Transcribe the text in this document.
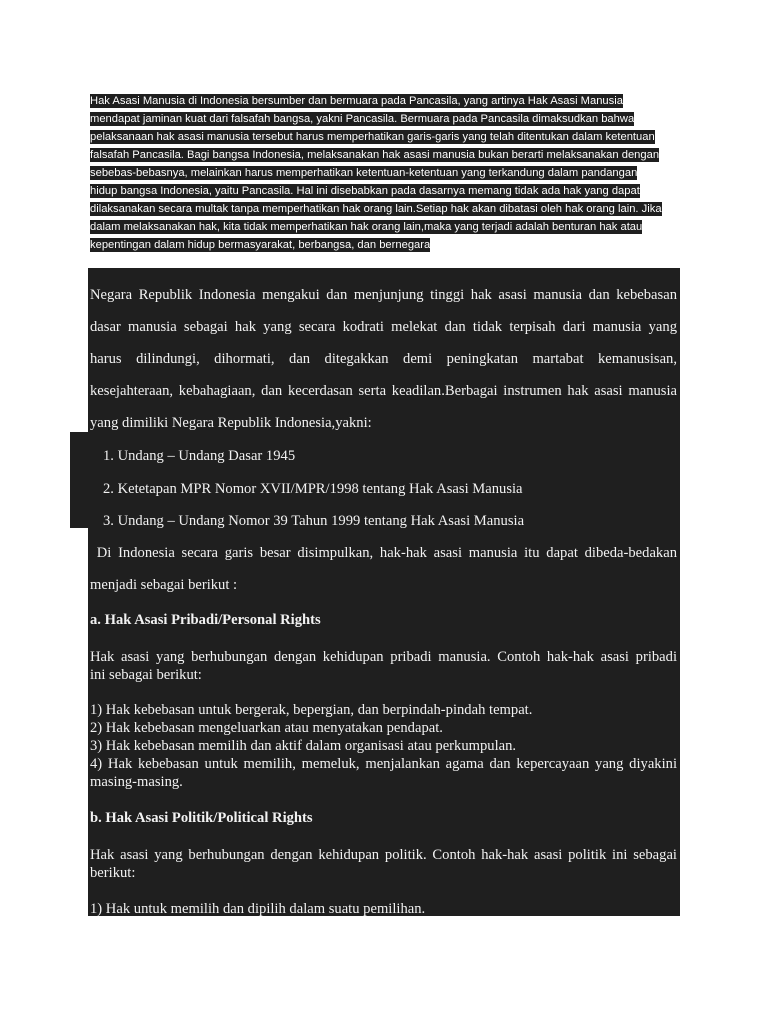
Hak Asasi Manusia di Indonesia bersumber dan bermuara pada Pancasila, yang artinya Hak Asasi Manusia
mendapat jaminan kuat dari falsafah bangsa, yakni Pancasila. Bermuara pada Pancasila dimaksudkan bahwa
pelaksanaan hak asasi manusia tersebut harus memperhatikan garis-garis yang telah ditentukan dalam ketentuan
falsafah Pancasila. Bagi bangsa Indonesia, melaksanakan hak asasi manusia bukan berarti melaksanakan dengan
sebebas-bebasnya, melainkan harus memperhatikan ketentuan-ketentuan yang terkandung dalam pandangan
hidup bangsa Indonesia, yaitu Pancasila. Hal ini disebabkan pada dasarnya memang tidak ada hak yang dapat
dilaksanakan secara multak tanpa memperhatikan hak orang lain.Setiap hak akan dibatasi oleh hak orang lain. Jika
dalam melaksanakan hak, kita tidak memperhatikan hak orang lain,maka yang terjadi adalah benturan hak atau
kepentingan dalam hidup bermasyarakat, berbangsa, dan bernegara
Negara Republik Indonesia mengakui dan menjunjung tinggi hak asasi manusia dan kebebasan
dasar manusia sebagai hak yang secara kodrati melekat dan tidak terpisah dari manusia yang
harus dilindungi, dihormati, dan ditegakkan demi peningkatan martabat kemanusisan,
kesejahteraan, kebahagiaan, dan kecerdasan serta keadilan.Berbagai instrumen hak asasi manusia
yang dimiliki Negara Republik Indonesia,yakni:
1. Undang – Undang Dasar 1945
2. Ketetapan MPR Nomor XVII/MPR/1998 tentang Hak Asasi Manusia
3. Undang – Undang Nomor 39 Tahun 1999 tentang Hak Asasi Manusia
Di Indonesia secara garis besar disimpulkan, hak-hak asasi manusia itu dapat dibeda-bedakan
menjadi sebagai berikut :
a. Hak Asasi Pribadi/Personal Rights
Hak asasi yang berhubungan dengan kehidupan pribadi manusia. Contoh hak-hak asasi pribadi
ini sebagai berikut:
1) Hak kebebasan untuk bergerak, bepergian, dan berpindah-pindah tempat.
2) Hak kebebasan mengeluarkan atau menyatakan pendapat.
3) Hak kebebasan memilih dan aktif dalam organisasi atau perkumpulan.
4) Hak kebebasan untuk memilih, memeluk, menjalankan agama dan kepercayaan yang diyakini
masing-masing.
b. Hak Asasi Politik/Political Rights
Hak asasi yang berhubungan dengan kehidupan politik. Contoh hak-hak asasi politik ini sebagai
berikut:
1) Hak untuk memilih dan dipilih dalam suatu pemilihan.
